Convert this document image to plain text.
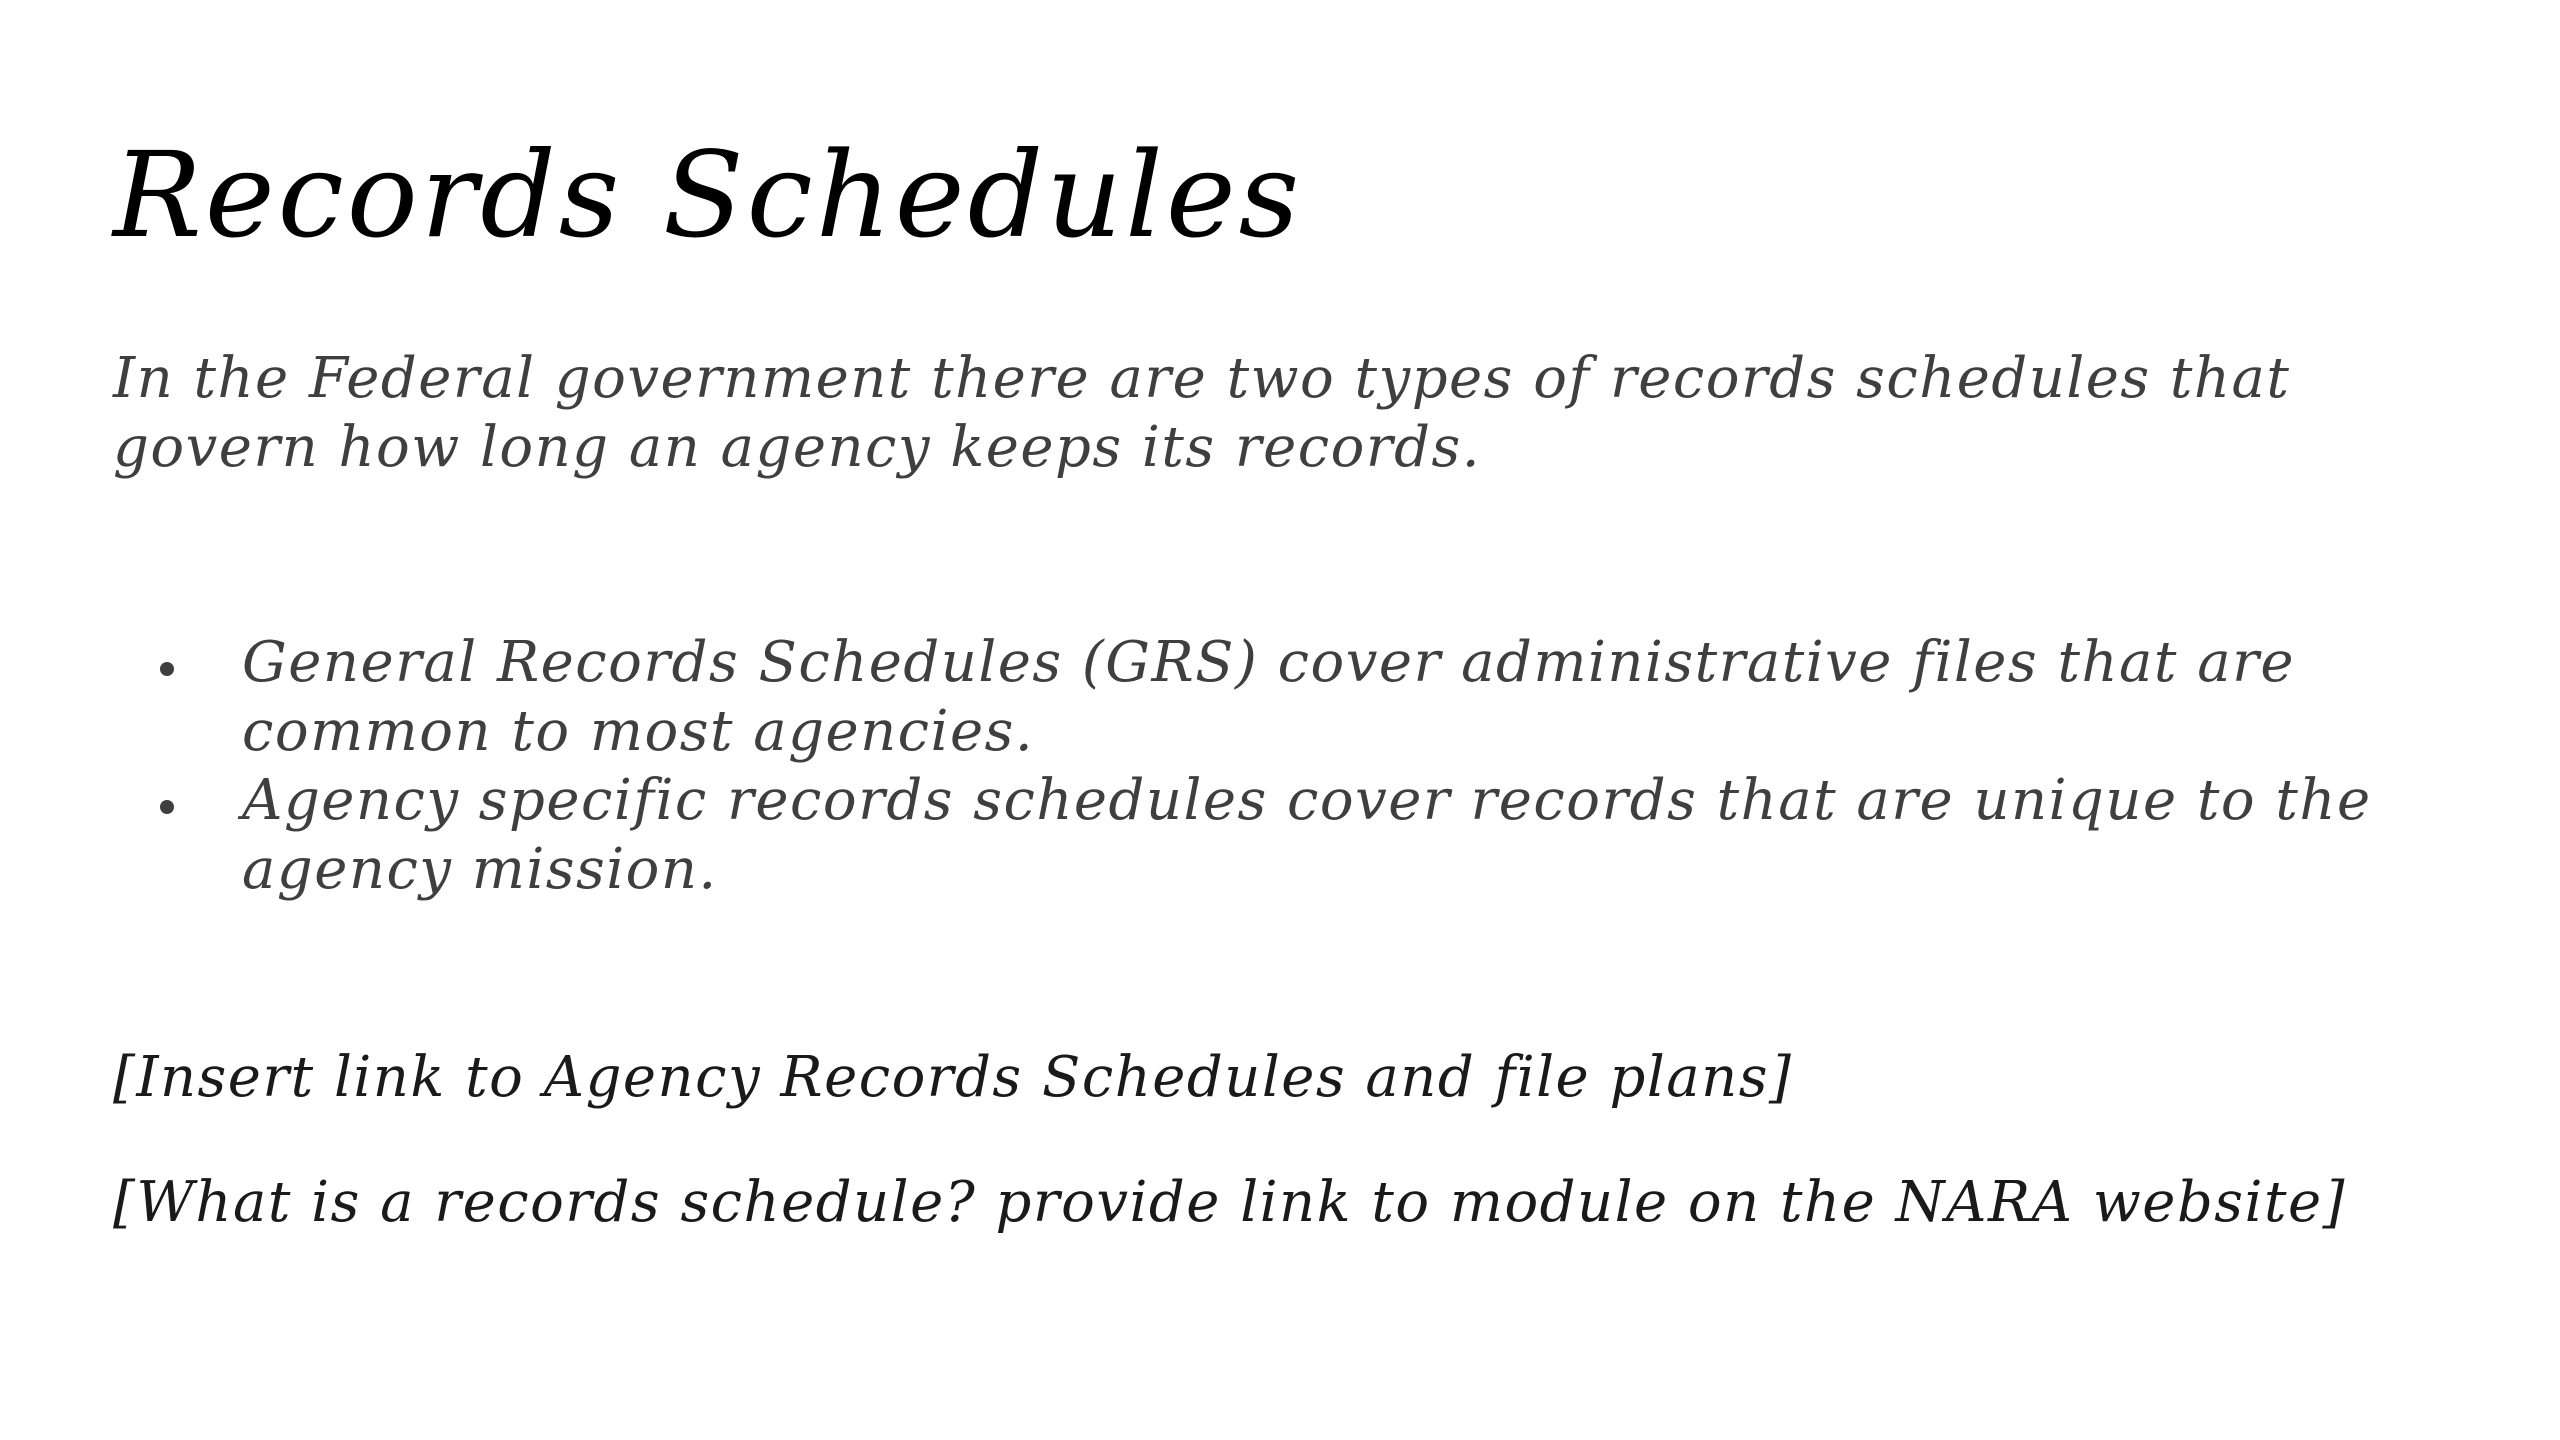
Records Schedules

In the Federal government there are two types of records schedules that govern how long an agency keeps its records.

General Records Schedules (GRS) cover administrative files that are common to most agencies.
Agency specific records schedules cover records that are unique to the agency mission.

[Insert link to Agency Records Schedules and file plans]

[What is a records schedule? provide link to module on the NARA website]
